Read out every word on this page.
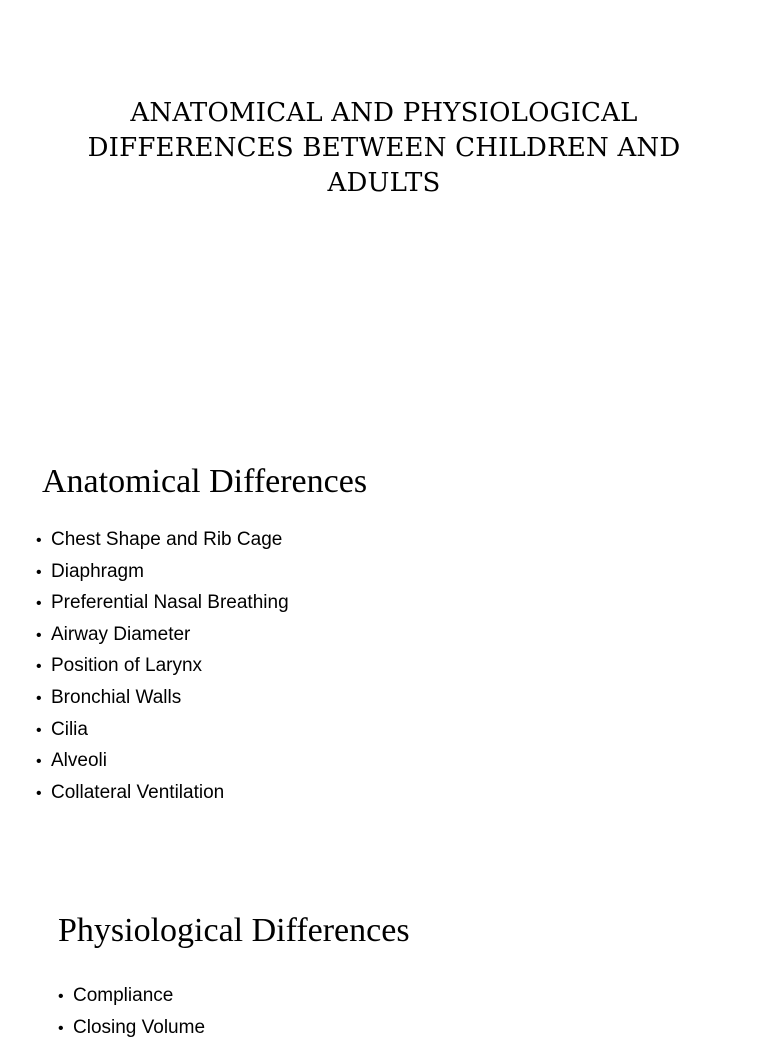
ANATOMICAL AND PHYSIOLOGICAL DIFFERENCES BETWEEN CHILDREN AND ADULTS
Anatomical Differences
• Chest Shape and Rib Cage
• Diaphragm
• Preferential Nasal Breathing
• Airway Diameter
• Position of Larynx
• Bronchial Walls
• Cilia
• Alveoli
• Collateral Ventilation
Physiological Differences
• Compliance
• Closing Volume
